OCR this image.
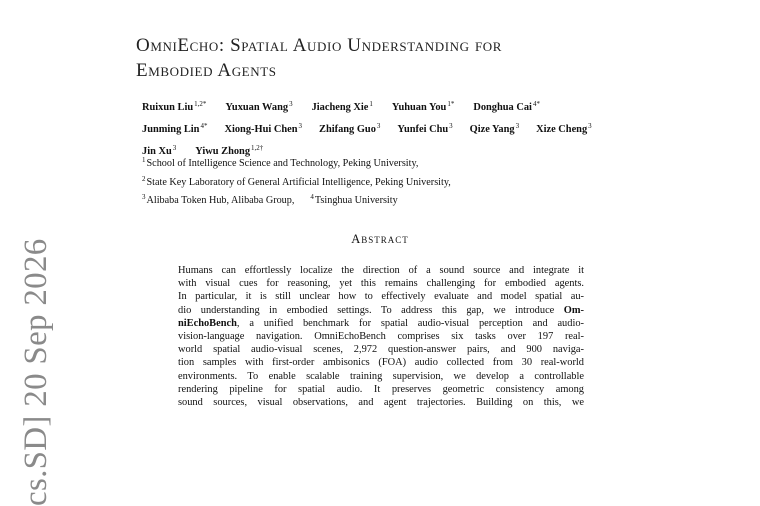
cs.SD] 20 Sep 2026
OmniEcho: Spatial Audio Understanding for
Embodied Agents
Ruixun Liu$^{1,2*}$ Yuxuan Wang$^3$ Jiacheng Xie$^1$ Yuhuan You$^{1*}$ Donghua Cai$^{4*}$
Junming Lin$^{4*}$ Xiong-Hui Chen$^3$ Zhifang Guo$^3$ Yunfei Chu$^3$ Qize Yang$^3$ Xize Cheng$^3$
Jin Xu$^3$ Yiwu Zhong$^{1,2\dagger}$
$^1$School of Intelligence Science and Technology, Peking University,
$^2$State Key Laboratory of General Artificial Intelligence, Peking University,
$^3$Alibaba Token Hub, Alibaba Group, $^4$Tsinghua University
Abstract
Humans can effortlessly localize the direction of a sound source and integrate it
with visual cues for reasoning, yet this remains challenging for embodied agents.
In particular, it is still unclear how to effectively evaluate and model spatial au-
dio understanding in embodied settings. To address this gap, we introduce Om-
niEchoBench, a unified benchmark for spatial audio-visual perception and audio-
vision-language navigation. OmniEchoBench comprises six tasks over 197 real-
world spatial audio-visual scenes, 2,972 question-answer pairs, and 900 naviga-
tion samples with first-order ambisonics (FOA) audio collected from 30 real-world
environments. To enable scalable training supervision, we develop a controllable
rendering pipeline for spatial audio. It preserves geometric consistency among
sound sources, visual observations, and agent trajectories. Building on this, we
